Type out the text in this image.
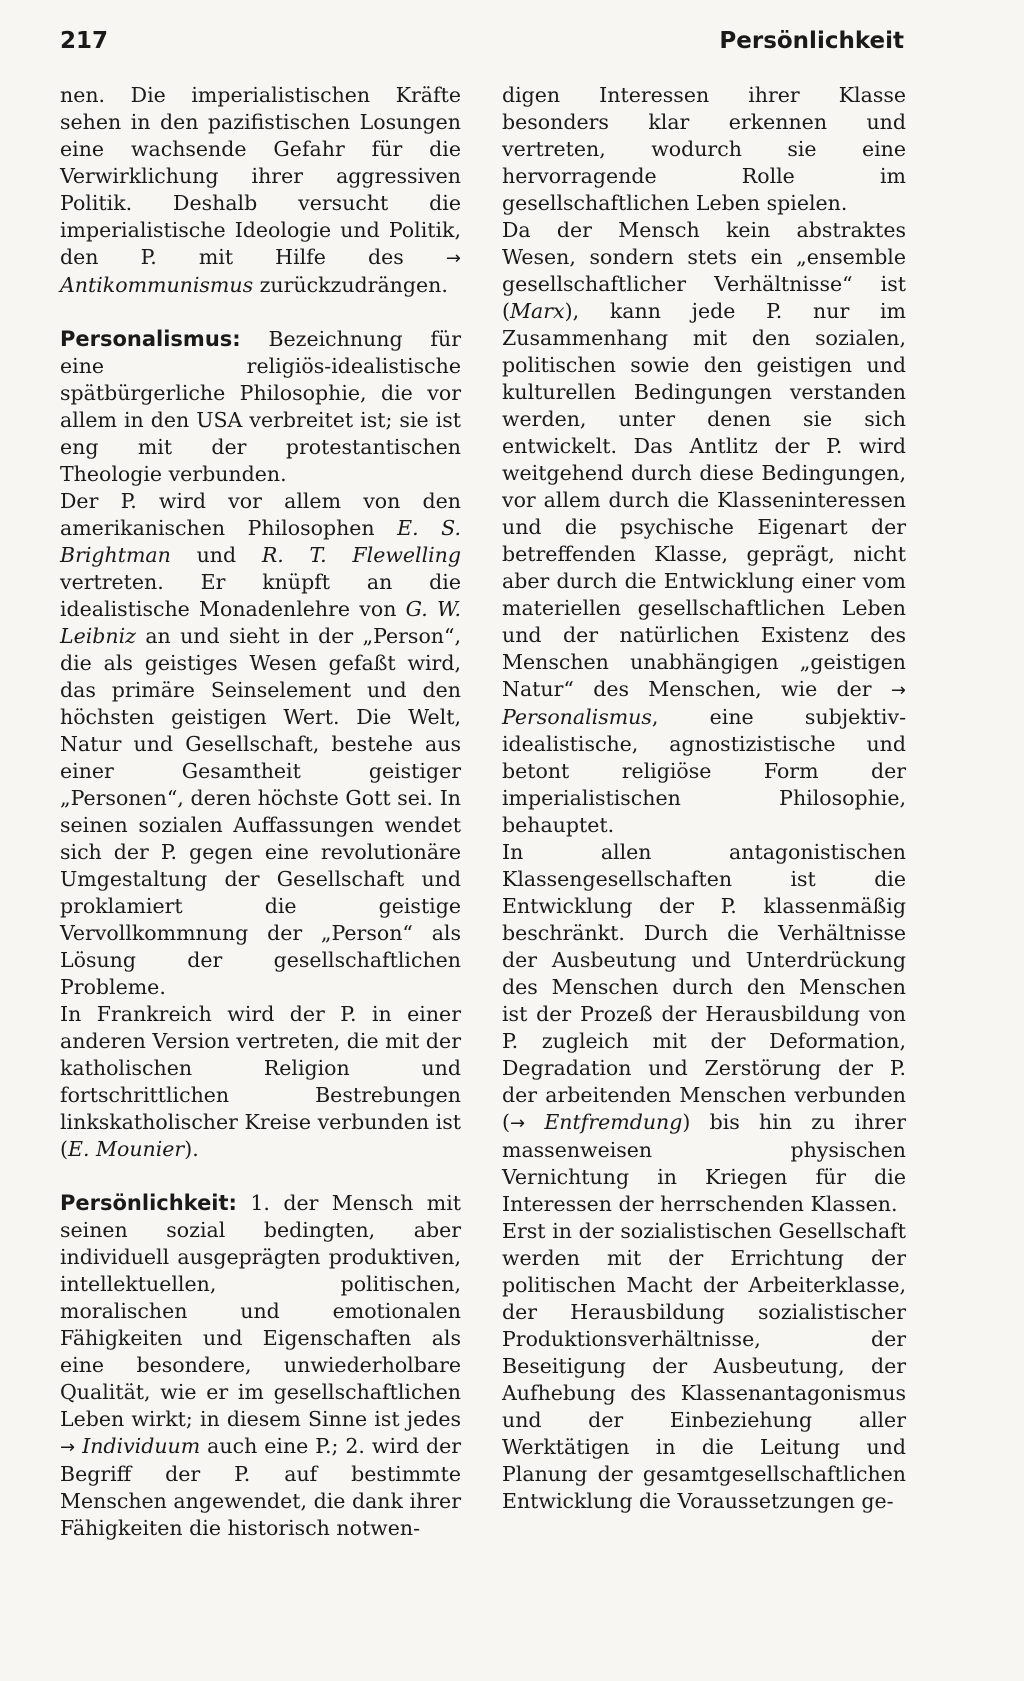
217	Persönlichkeit

nen. Die imperialistischen Kräfte sehen in den pazifistischen Losungen eine wachsende Gefahr für die Verwirklichung ihrer aggressiven Politik. Deshalb versucht die imperialistische Ideologie und Politik, den P. mit Hilfe des → Antikommunismus zurückzudrängen.

Personalismus: Bezeichnung für eine religiös-idealistische spätbürgerliche Philosophie, die vor allem in den USA verbreitet ist; sie ist eng mit der protestantischen Theologie verbunden.

Der P. wird vor allem von den amerikanischen Philosophen E. S. Brightman und R. T. Flewelling vertreten. Er knüpft an die idealistische Monadenlehre von G. W. Leibniz an und sieht in der „Person“, die als geistiges Wesen gefaßt wird, das primäre Seinselement und den höchsten geistigen Wert. Die Welt, Natur und Gesellschaft, bestehe aus einer Gesamtheit geistiger „Personen“, deren höchste Gott sei. In seinen sozialen Auffassungen wendet sich der P. gegen eine revolutionäre Umgestaltung der Gesellschaft und proklamiert die geistige Vervollkommnung der „Person“ als Lösung der gesellschaftlichen Probleme.

In Frankreich wird der P. in einer anderen Version vertreten, die mit der katholischen Religion und fortschrittlichen Bestrebungen linkskatholischer Kreise verbunden ist (E. Mounier).

Persönlichkeit: 1. der Mensch mit seinen sozial bedingten, aber individuell ausgeprägten produktiven, intellektuellen, politischen, moralischen und emotionalen Fähigkeiten und Eigenschaften als eine besondere, unwiederholbare Qualität, wie er im gesellschaftlichen Leben wirkt; in diesem Sinne ist jedes → Individuum auch eine P.; 2. wird der Begriff der P. auf bestimmte Menschen angewendet, die dank ihrer Fähigkeiten die historisch notwen-

digen Interessen ihrer Klasse besonders klar erkennen und vertreten, wodurch sie eine hervorragende Rolle im gesellschaftlichen Leben spielen.

Da der Mensch kein abstraktes Wesen, sondern stets ein „ensemble gesellschaftlicher Verhältnisse“ ist (Marx), kann jede P. nur im Zusammenhang mit den sozialen, politischen sowie den geistigen und kulturellen Bedingungen verstanden werden, unter denen sie sich entwickelt. Das Antlitz der P. wird weitgehend durch diese Bedingungen, vor allem durch die Klasseninteressen und die psychische Eigenart der betreffenden Klasse, geprägt, nicht aber durch die Entwicklung einer vom materiellen gesellschaftlichen Leben und der natürlichen Existenz des Menschen unabhängigen „geistigen Natur“ des Menschen, wie der → Personalismus, eine subjektiv-idealistische, agnostizistische und betont religiöse Form der imperialistischen Philosophie, behauptet.

In allen antagonistischen Klassengesellschaften ist die Entwicklung der P. klassenmäßig beschränkt. Durch die Verhältnisse der Ausbeutung und Unterdrückung des Menschen durch den Menschen ist der Prozeß der Herausbildung von P. zugleich mit der Deformation, Degradation und Zerstörung der P. der arbeitenden Menschen verbunden (→ Entfremdung) bis hin zu ihrer massenweisen physischen Vernichtung in Kriegen für die Interessen der herrschenden Klassen.

Erst in der sozialistischen Gesellschaft werden mit der Errichtung der politischen Macht der Arbeiterklasse, der Herausbildung sozialistischer Produktionsverhältnisse, der Beseitigung der Ausbeutung, der Aufhebung des Klassenantagonismus und der Einbeziehung aller Werktätigen in die Leitung und Planung der gesamtgesellschaftlichen Entwicklung die Voraussetzungen ge-
